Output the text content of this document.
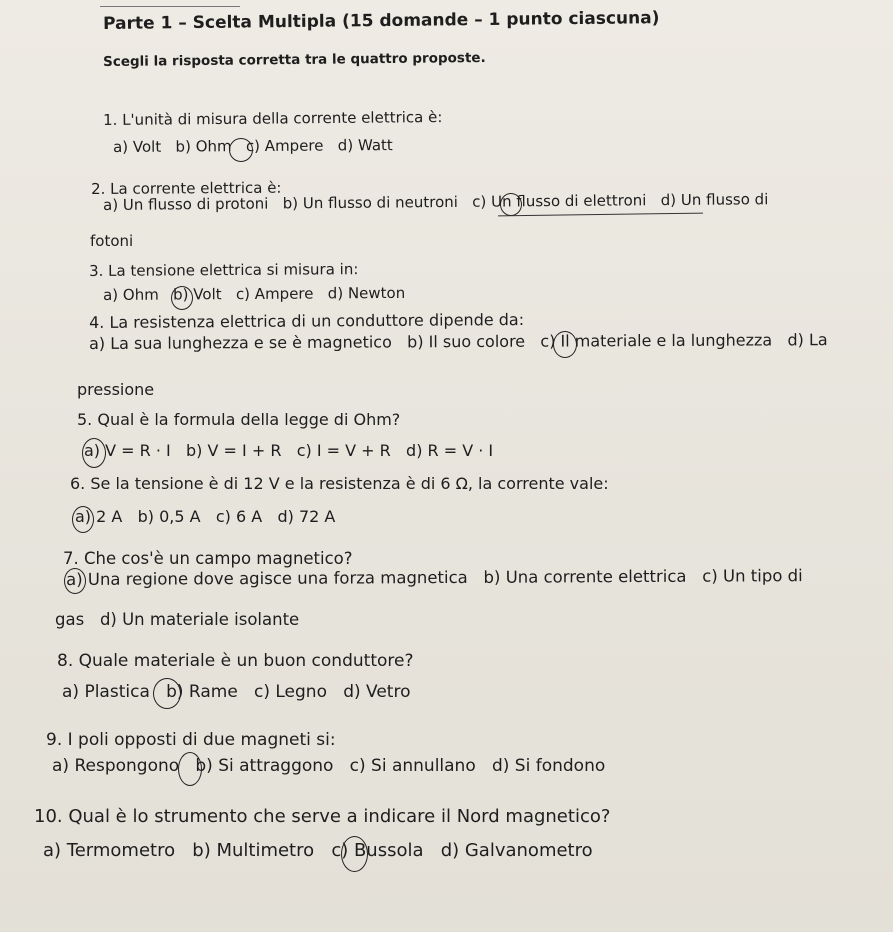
Parte 1 – Scelta Multipla (15 domande – 1 punto ciascuna)
Scegli la risposta corretta tra le quattro proposte.
1. L'unità di misura della corrente elettrica è:
a) Volt b) Ohm c) Ampere d) Watt
2. La corrente elettrica è:
a) Un flusso di protoni b) Un flusso di neutroni c) Un flusso di elettroni d) Un flusso di
fotoni
3. La tensione elettrica si misura in:
a) Ohm b) Volt c) Ampere d) Newton
4. La resistenza elettrica di un conduttore dipende da:
a) La sua lunghezza e se è magnetico b) Il suo colore c) Il materiale e la lunghezza d) La
pressione
5. Qual è la formula della legge di Ohm?
a) V = R · I b) V = I + R c) I = V + R d) R = V · I
6. Se la tensione è di 12 V e la resistenza è di 6 Ω, la corrente vale:
a) 2 A b) 0,5 A c) 6 A d) 72 A
7. Che cos'è un campo magnetico?
a) Una regione dove agisce una forza magnetica b) Una corrente elettrica c) Un tipo di
gas d) Un materiale isolante
8. Quale materiale è un buon conduttore?
a) Plastica b) Rame c) Legno d) Vetro
9. I poli opposti di due magneti si:
a) Respongono b) Si attraggono c) Si annullano d) Si fondono
10. Qual è lo strumento che serve a indicare il Nord magnetico?
a) Termometro b) Multimetro c) Bussola d) Galvanometro
